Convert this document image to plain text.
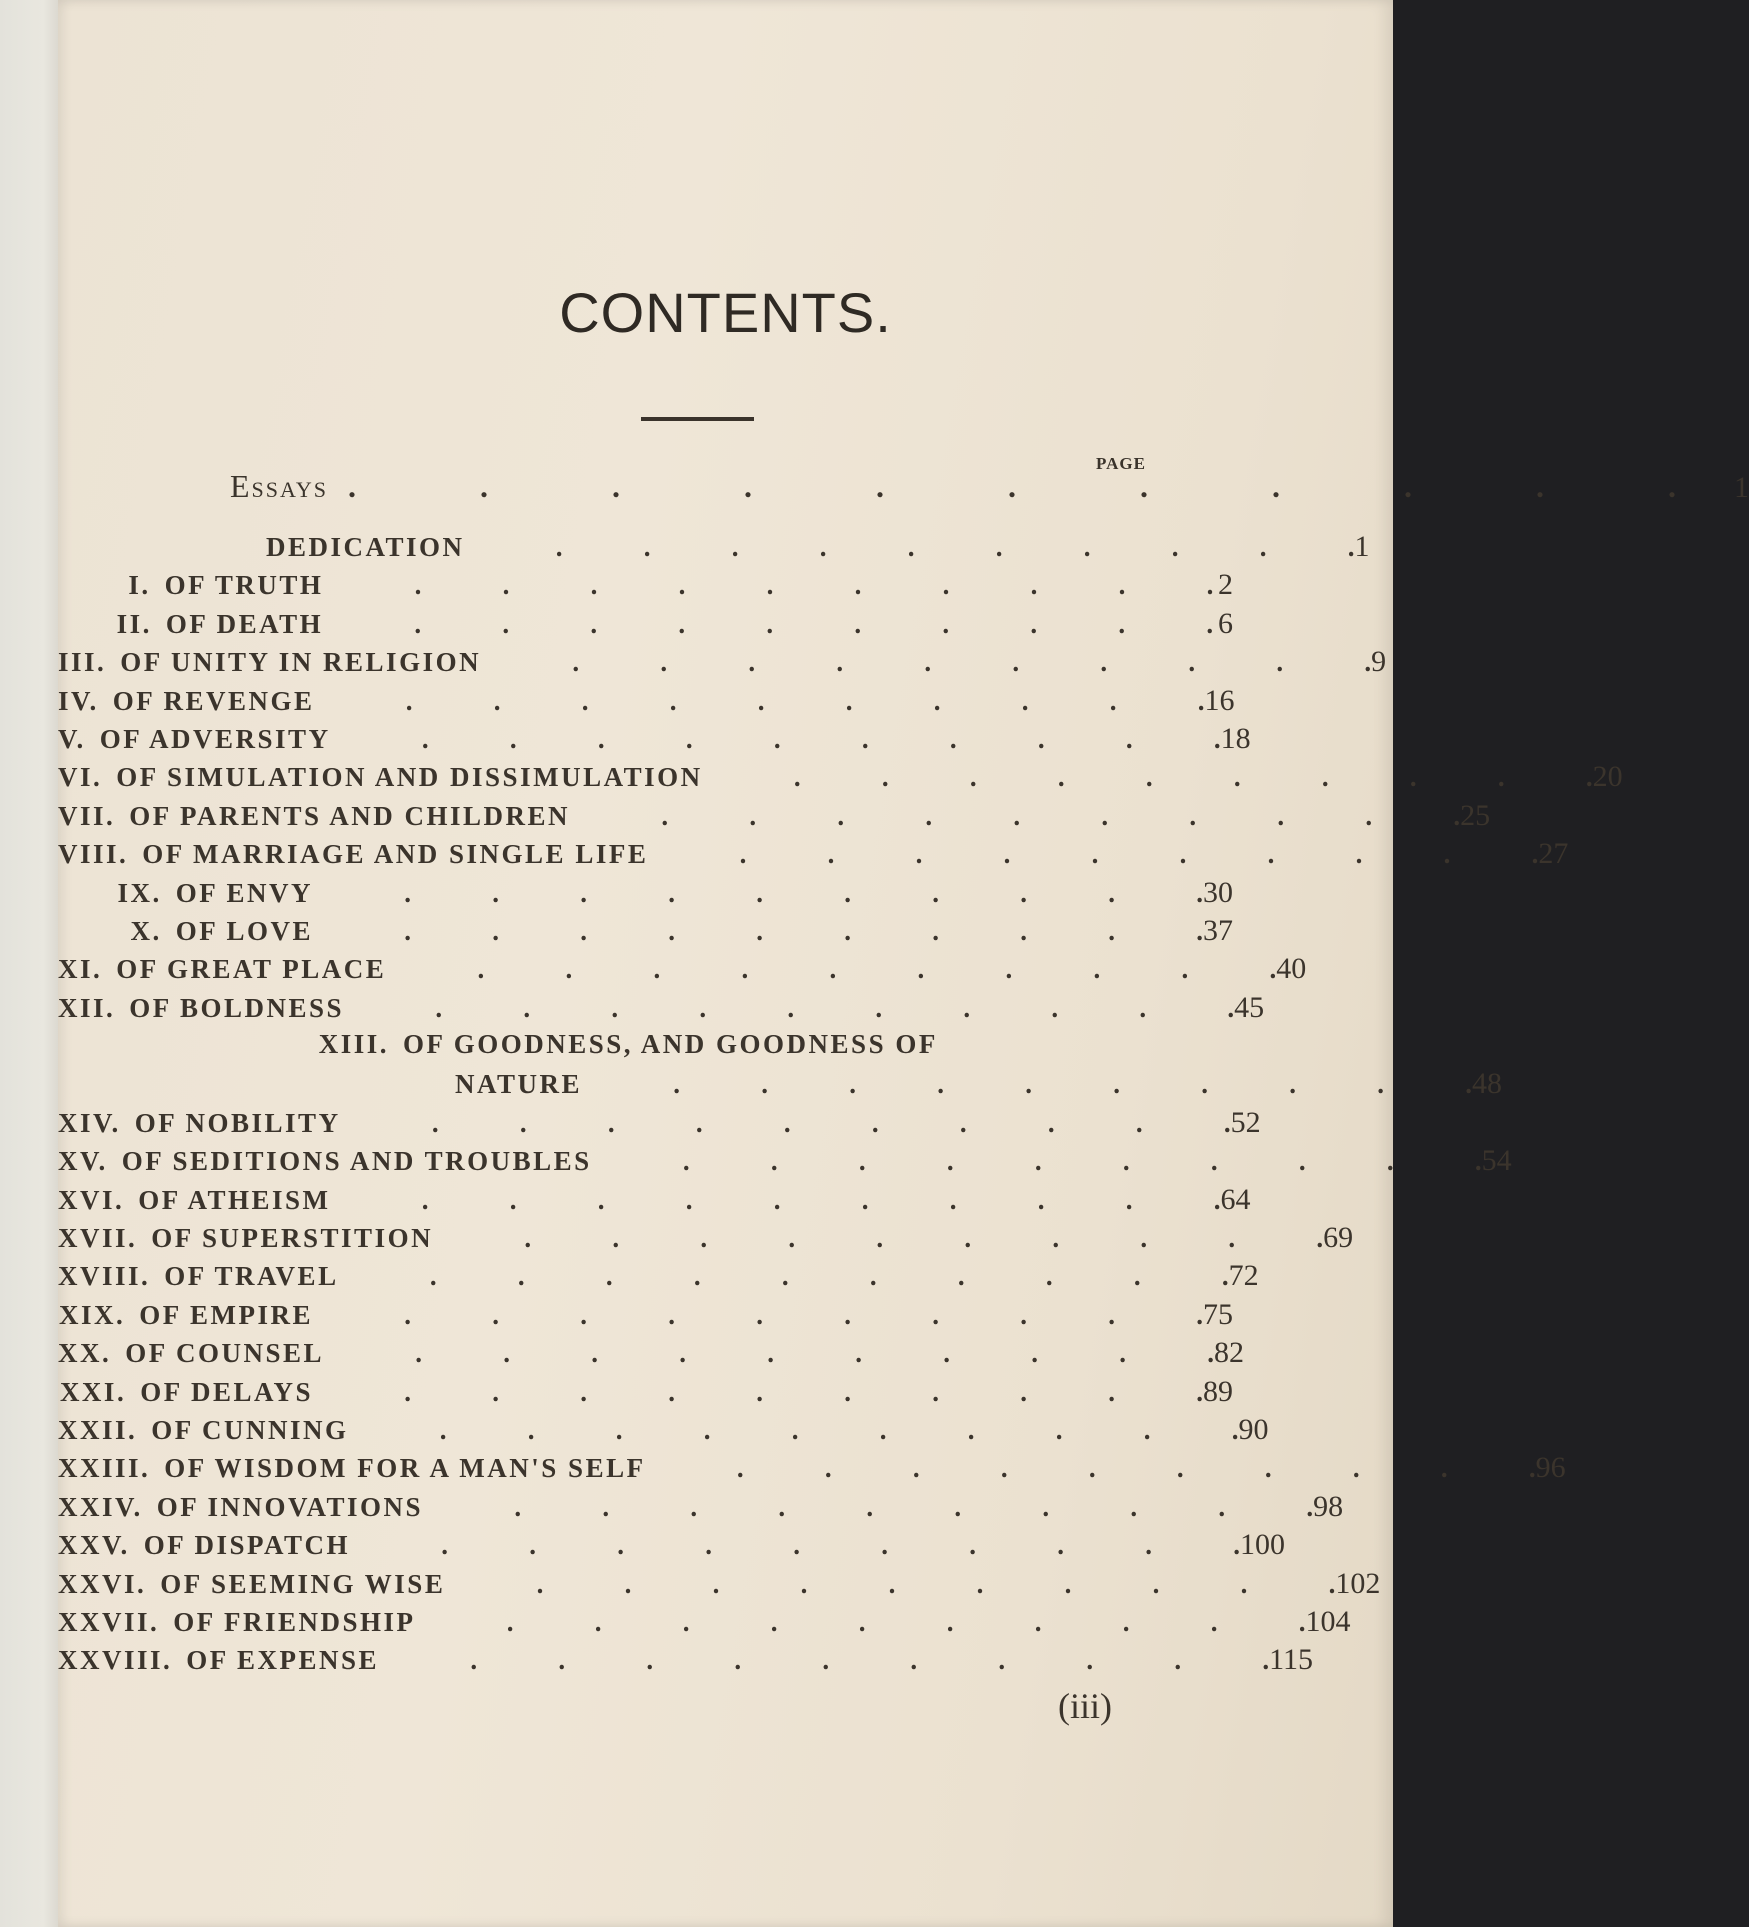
CONTENTS.
PAGE
Essays . . . . . . . . . . . 1
DEDICATION	..........	1
I. OF TRUTH	..........	2
II. OF DEATH	..........	6
III. OF UNITY IN RELIGION	..........	9
IV. OF REVENGE	..........	16
V. OF ADVERSITY	..........	18
VI. OF SIMULATION AND DISSIMULATION	..........	20
VII. OF PARENTS AND CHILDREN	..........	25
VIII. OF MARRIAGE AND SINGLE LIFE	..........	27
IX. OF ENVY	..........	30
X. OF LOVE	..........	37
XI. OF GREAT PLACE	..........	40
XII. OF BOLDNESS	..........	45
XIII. OF GOODNESS, AND GOODNESS OF
NATURE	..........	48
XIV. OF NOBILITY	..........	52
XV. OF SEDITIONS AND TROUBLES	..........	54
XVI. OF ATHEISM	..........	64
XVII. OF SUPERSTITION	..........	69
XVIII. OF TRAVEL	..........	72
XIX. OF EMPIRE	..........	75
XX. OF COUNSEL	..........	82
XXI. OF DELAYS	..........	89
XXII. OF CUNNING	..........	90
XXIII. OF WISDOM FOR A MAN'S SELF	..........	96
XXIV. OF INNOVATIONS	..........	98
XXV. OF DISPATCH	..........	100
XXVI. OF SEEMING WISE	..........	102
XXVII. OF FRIENDSHIP	..........	104
XXVIII. OF EXPENSE	..........	115
(iii)
